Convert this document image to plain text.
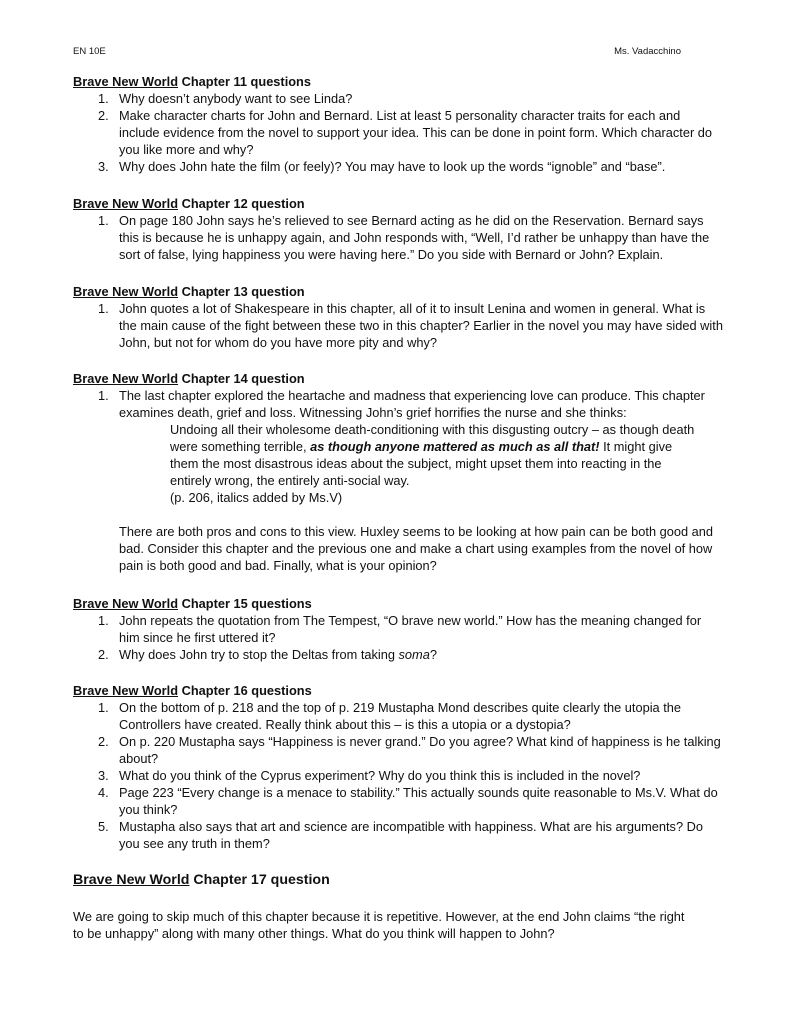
EN 10E	Ms. Vadacchino

Brave New World Chapter 11 questions

1. Why doesn’t anybody want to see Linda?
2. Make character charts for John and Bernard. List at least 5 personality character traits for each and include evidence from the novel to support your idea. This can be done in point form. Which character do you like more and why?
3. Why does John hate the film (or feely)? You may have to look up the words “ignoble” and “base”.

Brave New World Chapter 12 question

1. On page 180 John says he’s relieved to see Bernard acting as he did on the Reservation. Bernard says this is because he is unhappy again, and John responds with, “Well, I’d rather be unhappy than have the sort of false, lying happiness you were having here.” Do you side with Bernard or John? Explain.

Brave New World Chapter 13 question

1. John quotes a lot of Shakespeare in this chapter, all of it to insult Lenina and women in general. What is the main cause of the fight between these two in this chapter? Earlier in the novel you may have sided with John, but not for whom do you have more pity and why?

Brave New World Chapter 14 question

1. The last chapter explored the heartache and madness that experiencing love can produce. This chapter examines death, grief and loss. Witnessing John’s grief horrifies the nurse and she thinks:
Undoing all their wholesome death-conditioning with this disgusting outcry – as though death were something terrible, as though anyone mattered as much as all that! It might give them the most disastrous ideas about the subject, might upset them into reacting in the entirely wrong, the entirely anti-social way.
(p. 206, italics added by Ms.V)
There are both pros and cons to this view. Huxley seems to be looking at how pain can be both good and bad. Consider this chapter and the previous one and make a chart using examples from the novel of how pain is both good and bad. Finally, what is your opinion?

Brave New World Chapter 15 questions

1. John repeats the quotation from The Tempest, “O brave new world.” How has the meaning changed for him since he first uttered it?
2. Why does John try to stop the Deltas from taking soma?

Brave New World Chapter 16 questions

1. On the bottom of p. 218 and the top of p. 219 Mustapha Mond describes quite clearly the utopia the Controllers have created. Really think about this – is this a utopia or a dystopia?
2. On p. 220 Mustapha says “Happiness is never grand.” Do you agree? What kind of happiness is he talking about?
3. What do you think of the Cyprus experiment? Why do you think this is included in the novel?
4. Page 223 “Every change is a menace to stability.” This actually sounds quite reasonable to Ms.V. What do you think?
5. Mustapha also says that art and science are incompatible with happiness. What are his arguments? Do you see any truth in them?

Brave New World Chapter 17 question

We are going to skip much of this chapter because it is repetitive. However, at the end John claims “the right to be unhappy” along with many other things. What do you think will happen to John?
